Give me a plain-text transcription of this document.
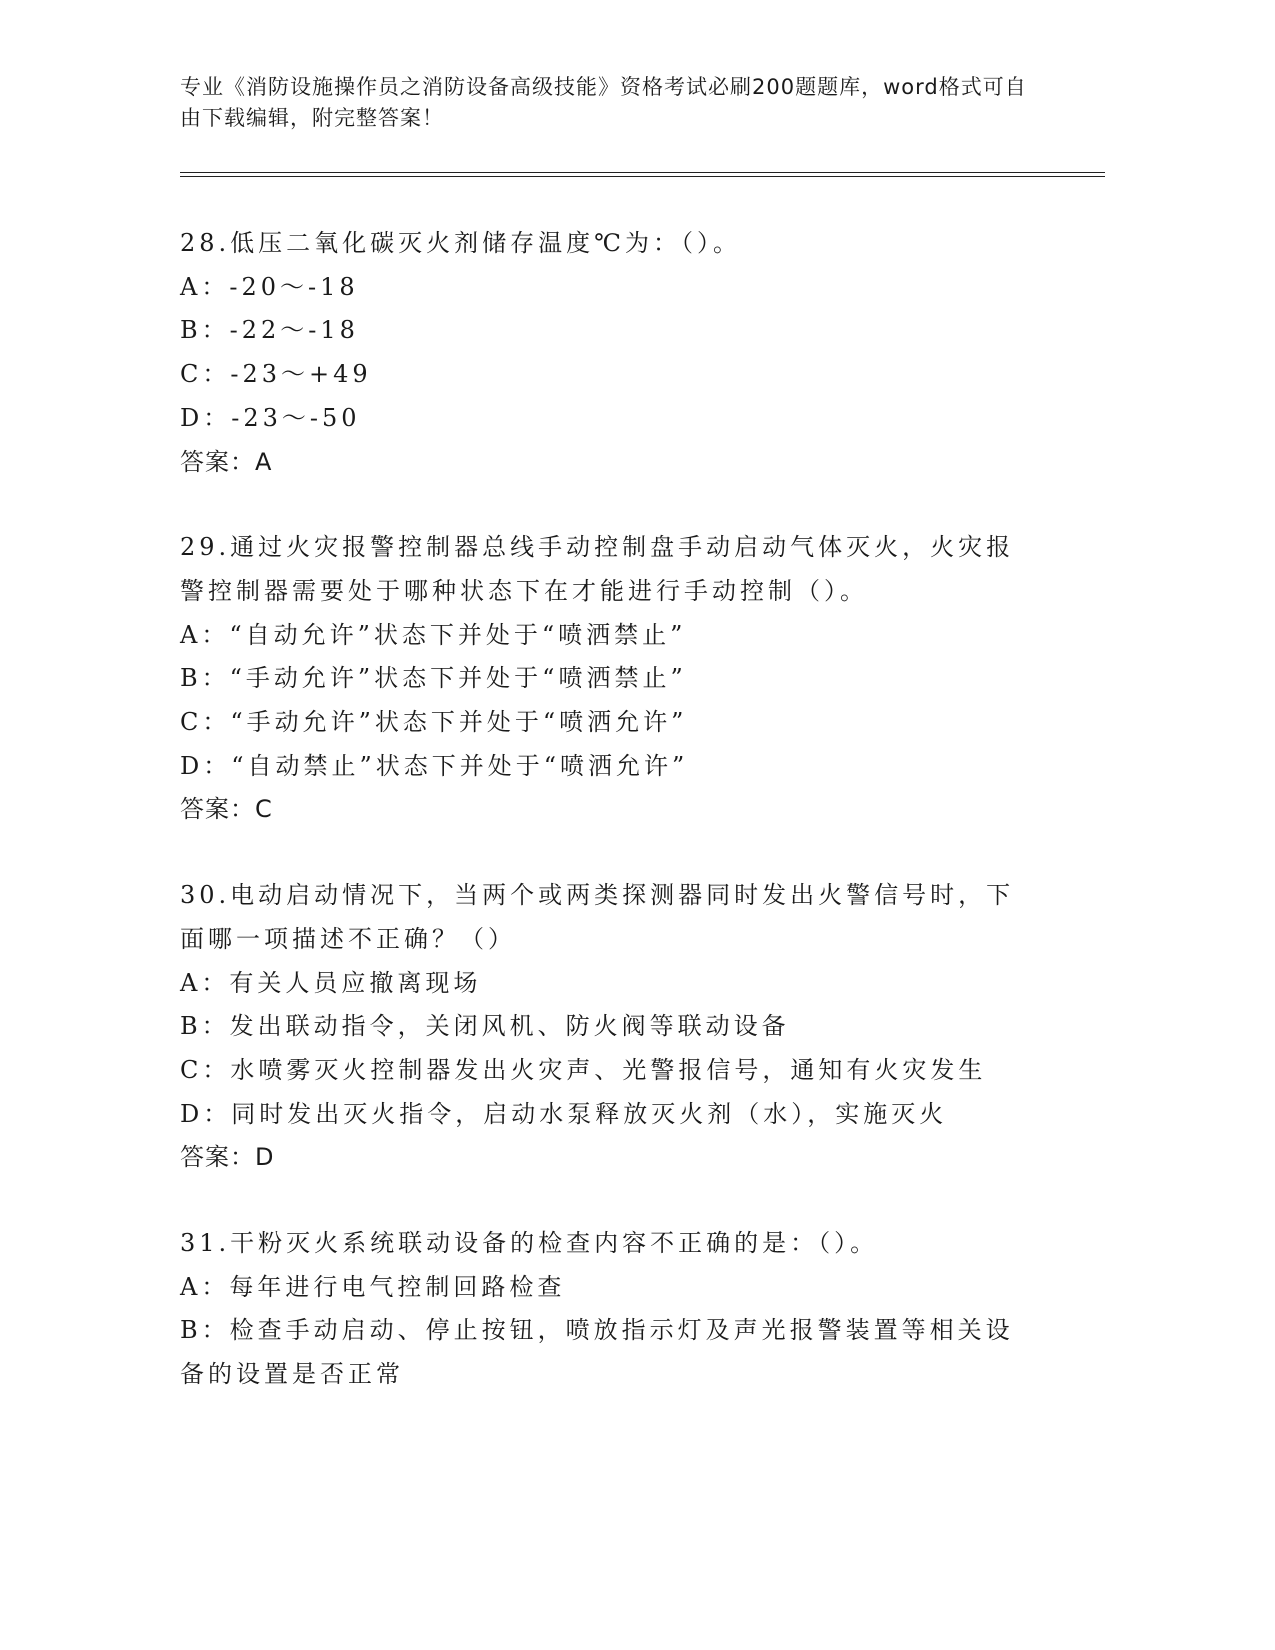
专业《消防设施操作员之消防设备高级技能》资格考试必刷200题题库，word格式可自由下载编辑，附完整答案！
28.低压二氧化碳灭火剂储存温度℃为：（）。
A：-20～-18
B：-22～-18
C：-23～+49
D：-23～-50
答案：A
29.通过火灾报警控制器总线手动控制盘手动启动气体灭火，火灾报警控制器需要处于哪种状态下在才能进行手动控制（）。
A：“自动允许”状态下并处于“喷洒禁止”
B：“手动允许”状态下并处于“喷洒禁止”
C：“手动允许”状态下并处于“喷洒允许”
D：“自动禁止”状态下并处于“喷洒允许”
答案：C
30.电动启动情况下，当两个或两类探测器同时发出火警信号时，下面哪一项描述不正确？（）
A：有关人员应撤离现场
B：发出联动指令，关闭风机、防火阀等联动设备
C：水喷雾灭火控制器发出火灾声、光警报信号，通知有火灾发生
D：同时发出灭火指令，启动水泵释放灭火剂（水），实施灭火
答案：D
31.干粉灭火系统联动设备的检查内容不正确的是：（）。
A：每年进行电气控制回路检查
B：检查手动启动、停止按钮，喷放指示灯及声光报警装置等相关设备的设置是否正常
